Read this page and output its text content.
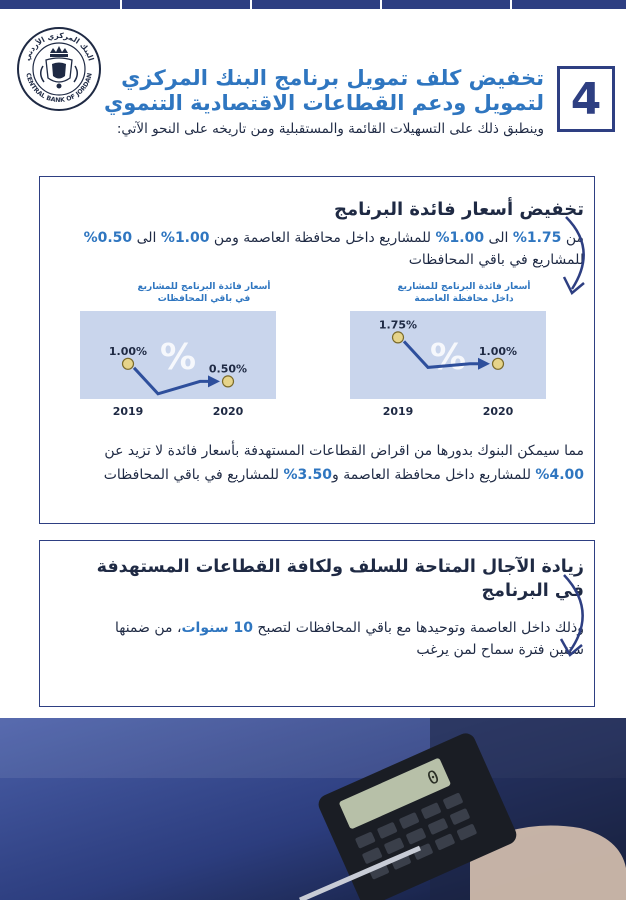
البنك المركزي الأردني
CENTRAL BANK OF JORDAN	4
تخفيض كلف تمويل برنامج البنك المركزي
لتمويل ودعم القطاعات الاقتصادية التنموي
وينطبق ذلك على التسهيلات القائمة والمستقبلية ومن تاريخه على النحو الآتي:
تخفيض أسعار فائدة البرنامج
من 1.75% الى 1.00% للمشاريع داخل محافظة العاصمة ومن 1.00% الى 0.50% للمشاريع في باقي المحافظات
أسعار فائدة البرنامج للمشاريع داخل محافظة العاصمة
%
1.75%
2019
1.00%
2020
أسعار فائدة البرنامج للمشاريع في باقي المحافظات
%
1.00%
2019
0.50%
2020
مما سيمكن البنوك بدورها من اقراض القطاعات المستهدفة بأسعار فائدة لا تزيد عن 4.00% للمشاريع داخل محافظة العاصمة و3.50% للمشاريع في باقي المحافظات
زيادة الآجال المتاحة للسلف ولكافة القطاعات المستهدفة في البرنامج
وذلك داخل العاصمة وتوحيدها مع باقي المحافظات لتصبح 10 سنوات، من ضمنها سنتين فترة سماح لمن يرغب
0
